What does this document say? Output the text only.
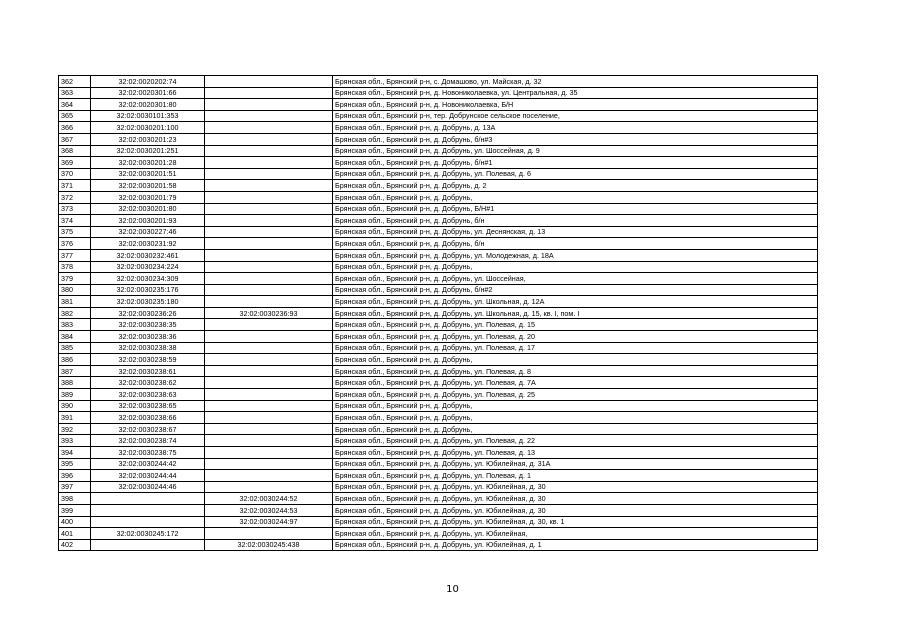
362	32:02:0020202:74		Брянская обл., Брянский р-н, с. Домашово, ул. Майская, д. 32
363	32:02:0020301:66		Брянская обл., Брянский р-н, д. Новониколаевка, ул. Центральная, д. 35
364	32:02:0020301:80		Брянская обл., Брянский р-н, д. Новониколаевка, Б/Н
365	32:02:0030101:353		Брянская обл., Брянский р-н, тер. Добрунское сельское поселение,
366	32:02:0030201:100		Брянская обл., Брянский р-н, д. Добрунь, д. 13А
367	32:02:0030201:23		Брянская обл., Брянский р-н, д. Добрунь, б/н#3
368	32:02:0030201:251		Брянская обл., Брянский р-н, д. Добрунь, ул. Шоссейная, д. 9
369	32:02:0030201:28		Брянская обл., Брянский р-н, д. Добрунь, б/н#1
370	32:02:0030201:51		Брянская обл., Брянский р-н, д. Добрунь, ул. Полевая, д. 6
371	32:02:0030201:58		Брянская обл., Брянский р-н, д. Добрунь, д. 2
372	32:02:0030201:79		Брянская обл., Брянский р-н, д. Добрунь,
373	32:02:0030201:80		Брянская обл., Брянский р-н, д. Добрунь, Б/Н#1
374	32:02:0030201:93		Брянская обл., Брянский р-н, д. Добрунь, б/н
375	32:02:0030227:46		Брянская обл., Брянский р-н, д. Добрунь, ул. Деснянская, д. 13
376	32:02:0030231:92		Брянская обл., Брянский р-н, д. Добрунь, б/н
377	32:02:0030232:461		Брянская обл., Брянский р-н, д. Добрунь, ул. Молодежная, д. 18А
378	32:02:0030234:224		Брянская обл., Брянский р-н, д. Добрунь,
379	32:02:0030234:309		Брянская обл., Брянский р-н, д. Добрунь, ул. Шоссейная,
380	32:02:0030235:176		Брянская обл., Брянский р-н, д. Добрунь, б/н#2
381	32:02:0030235:180		Брянская обл., Брянский р-н, д. Добрунь, ул. Школьная, д. 12А
382	32:02:0030236:26	32:02:0030236:93	Брянская обл., Брянский р-н, д. Добрунь, ул. Школьная, д. 15, кв. I, пом. I
383	32:02:0030238:35		Брянская обл., Брянский р-н, д. Добрунь, ул. Полевая, д. 15
384	32:02:0030238:36		Брянская обл., Брянский р-н, д. Добрунь, ул. Полевая, д. 20
385	32:02:0030238:38		Брянская обл., Брянский р-н, д. Добрунь, ул. Полевая, д. 17
386	32:02:0030238:59		Брянская обл., Брянский р-н, д. Добрунь,
387	32:02:0030238:61		Брянская обл., Брянский р-н, д. Добрунь, ул. Полевая, д. 8
388	32:02:0030238:62		Брянская обл., Брянский р-н, д. Добрунь, ул. Полевая, д. 7А
389	32:02:0030238:63		Брянская обл., Брянский р-н, д. Добрунь, ул. Полевая, д. 25
390	32:02:0030238:65		Брянская обл., Брянский р-н, д. Добрунь,
391	32:02:0030238:66		Брянская обл., Брянский р-н, д. Добрунь,
392	32:02:0030238:67		Брянская обл., Брянский р-н, д. Добрунь,
393	32:02:0030238:74		Брянская обл., Брянский р-н, д. Добрунь, ул. Полевая, д. 22
394	32:02:0030238:75		Брянская обл., Брянский р-н, д. Добрунь, ул. Полевая, д. 13
395	32:02:0030244:42		Брянская обл., Брянский р-н, д. Добрунь, ул. Юбилейная, д. 31А
396	32:02:0030244:44		Брянская обл., Брянский р-н, д. Добрунь, ул. Полевая, д. 1
397	32:02:0030244:46		Брянская обл., Брянский р-н, д. Добрунь, ул. Юбилейная, д. 30
398		32:02:0030244:52	Брянская обл., Брянский р-н, д. Добрунь, ул. Юбилейная, д. 30
399		32:02:0030244:53	Брянская обл., Брянский р-н, д. Добрунь, ул. Юбилейная, д. 30
400		32:02:0030244:97	Брянская обл., Брянский р-н, д. Добрунь, ул. Юбилейная, д. 30, кв. 1
401	32:02:0030245:172		Брянская обл., Брянский р-н, д. Добрунь, ул. Юбилейная,
402		32:02:0030245:438	Брянская обл., Брянский р-н, д. Добрунь, ул. Юбилейная, д. 1
10
